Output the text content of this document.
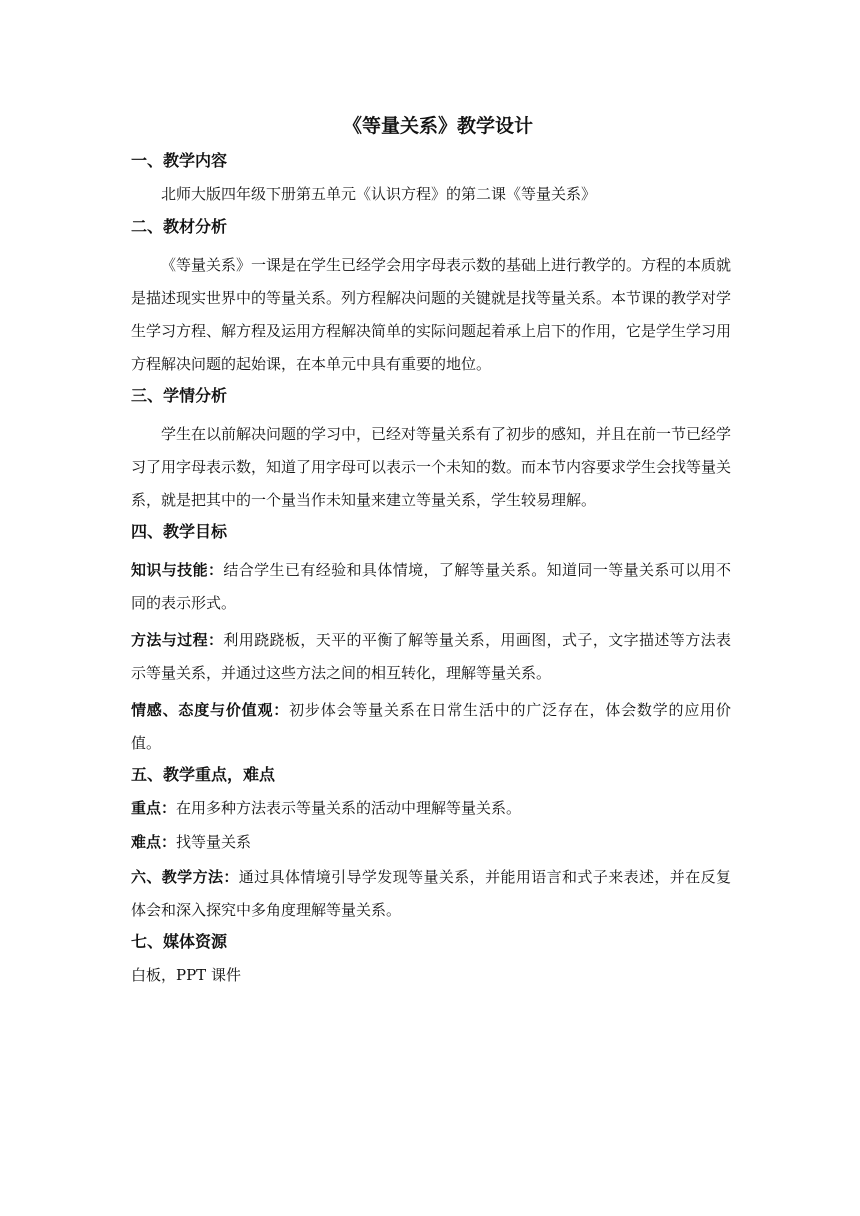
《等量关系》教学设计
一、教学内容
北师大版四年级下册第五单元《认识方程》的第二课《等量关系》
二、教材分析
《等量关系》一课是在学生已经学会用字母表示数的基础上进行教学的。方程的本质就是描述现实世界中的等量关系。列方程解决问题的关键就是找等量关系。本节课的教学对学生学习方程、解方程及运用方程解决简单的实际问题起着承上启下的作用，它是学生学习用方程解决问题的起始课，在本单元中具有重要的地位。
三、学情分析
学生在以前解决问题的学习中，已经对等量关系有了初步的感知，并且在前一节已经学习了用字母表示数，知道了用字母可以表示一个未知的数。而本节内容要求学生会找等量关系，就是把其中的一个量当作未知量来建立等量关系，学生较易理解。
四、教学目标
知识与技能：结合学生已有经验和具体情境，了解等量关系。知道同一等量关系可以用不同的表示形式。
方法与过程：利用跷跷板，天平的平衡了解等量关系，用画图，式子，文字描述等方法表示等量关系，并通过这些方法之间的相互转化，理解等量关系。
情感、态度与价值观：初步体会等量关系在日常生活中的广泛存在，体会数学的应用价值。
五、教学重点，难点
重点：在用多种方法表示等量关系的活动中理解等量关系。
难点：找等量关系
六、教学方法：通过具体情境引导学发现等量关系，并能用语言和式子来表述，并在反复体会和深入探究中多角度理解等量关系。
七、媒体资源
白板，PPT 课件
